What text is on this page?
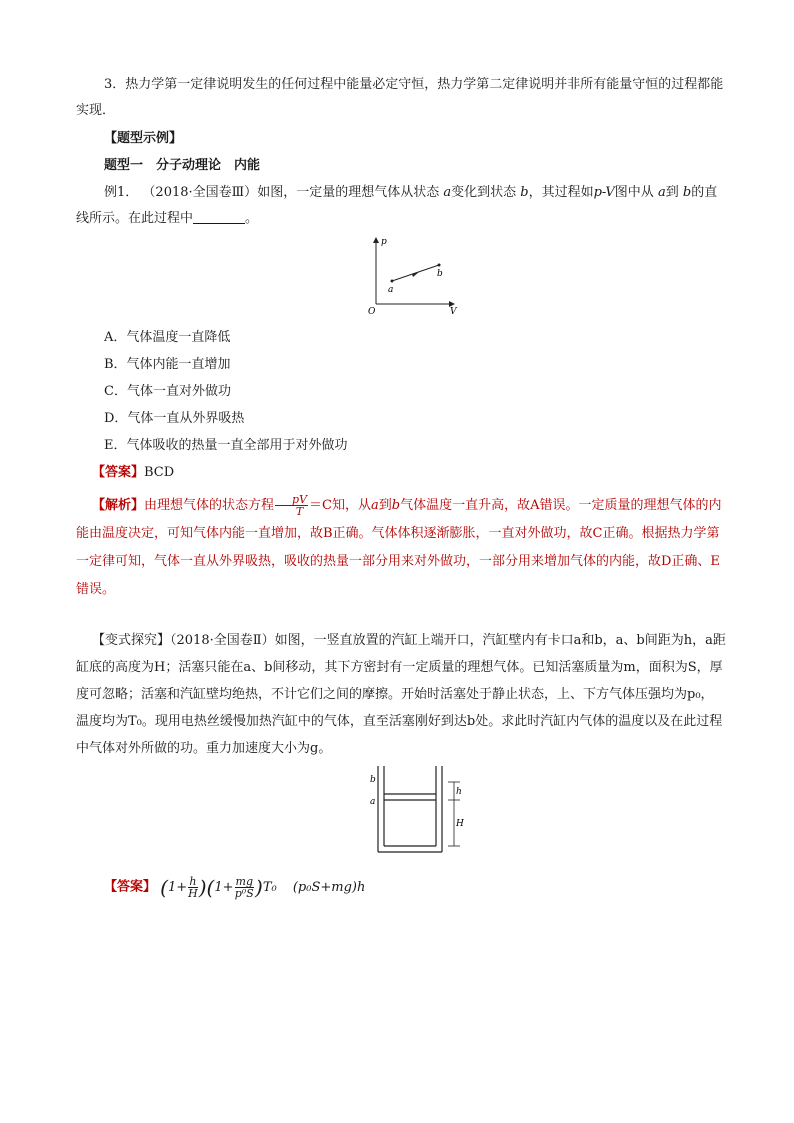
3．热力学第一定律说明发生的任何过程中能量必定守恒，热力学第二定律说明并非所有能量守恒的过程都能实现．
【题型示例】
题型一　分子动理论　内能
例1． （2018·全国卷Ⅲ）如图，一定量的理想气体从状态 a变化到状态 b，其过程如p-V图中从 a到 b的直线所示。在此过程中	。
p
V
O
a
b
A．气体温度一直降低
B．气体内能一直增加
C．气体一直对外做功
D．气体一直从外界吸热
E．气体吸收的热量一直全部用于对外做功
【答案】BCD
【解析】由理想气体的状态方程 $\frac{pV}{T} =C$知，从a到b气体温度一直升高，故A错误。一定质量的理想气体的内能由温度决定，可知气体内能一直增加，故B正确。气体体积逐渐膨胀，一直对外做功，故C正确。根据热力学第一定律可知，气体一直从外界吸热，吸收的热量一部分用来对外做功，一部分用来增加气体的内能，故D正确、E错误。
【变式探究】（2018·全国卷Ⅱ）如图，一竖直放置的汽缸上端开口，汽缸壁内有卡口a和b，a、b间距为h，a距缸底的高度为H；活塞只能在a、b间移动，其下方密封有一定质量的理想气体。已知活塞质量为m，面积为S，厚度可忽略；活塞和汽缸壁均绝热，不计它们之间的摩擦。开始时活塞处于静止状态，上、下方气体压强均为p₀，温度均为T₀。现用电热丝缓慢加热汽缸中的气体，直至活塞刚好到达b处。求此时汽缸内气体的温度以及在此过程中气体对外所做的功。重力加速度大小为g。
b
a
h
H
【答案】 $(1+ \frac{h}{H} )(1+ \frac{mg}{\text{p⁰S}} )T_0$ (p₀S+mg)h
